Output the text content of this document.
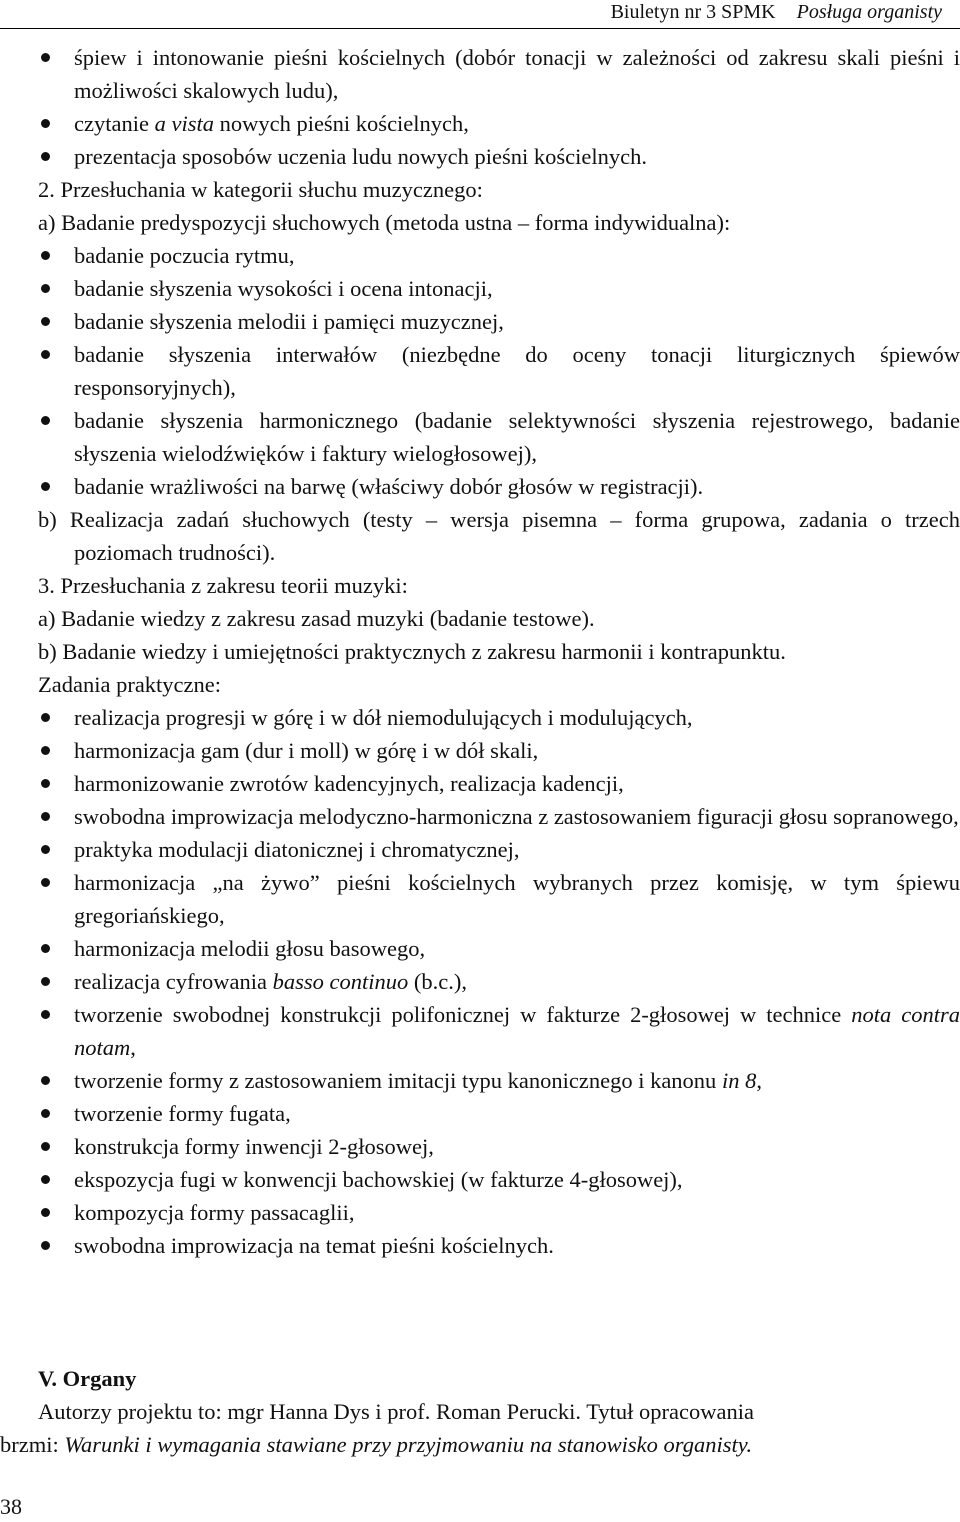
Biuletyn nr 3 SPMK Posługa organisty
śpiew i intonowanie pieśni kościelnych (dobór tonacji w zależności od zakresu skali pieśni i możliwości skalowych ludu),
czytanie a vista nowych pieśni kościelnych,
prezentacja sposobów uczenia ludu nowych pieśni kościelnych.
2. Przesłuchania w kategorii słuchu muzycznego:
a) Badanie predyspozycji słuchowych (metoda ustna – forma indywidualna):
badanie poczucia rytmu,
badanie słyszenia wysokości i ocena intonacji,
badanie słyszenia melodii i pamięci muzycznej,
badanie słyszenia interwałów (niezbędne do oceny tonacji liturgicznych śpiewów responsoryjnych),
badanie słyszenia harmonicznego (badanie selektywności słyszenia rejestrowego, badanie słyszenia wielodźwięków i faktury wielogłosowej),
badanie wrażliwości na barwę (właściwy dobór głosów w registracji).
b) Realizacja zadań słuchowych (testy – wersja pisemna – forma grupowa, zadania o trzech poziomach trudności).
3. Przesłuchania z zakresu teorii muzyki:
a) Badanie wiedzy z zakresu zasad muzyki (badanie testowe).
b) Badanie wiedzy i umiejętności praktycznych z zakresu harmonii i kontrapunktu.
Zadania praktyczne:
realizacja progresji w górę i w dół niemodulujących i modulujących,
harmonizacja gam (dur i moll) w górę i w dół skali,
harmonizowanie zwrotów kadencyjnych, realizacja kadencji,
swobodna improwizacja melodyczno-harmoniczna z zastosowaniem figuracji głosu sopranowego,
praktyka modulacji diatonicznej i chromatycznej,
harmonizacja „na żywo” pieśni kościelnych wybranych przez komisję, w tym śpiewu gregoriańskiego,
harmonizacja melodii głosu basowego,
realizacja cyfrowania basso continuo (b.c.),
tworzenie swobodnej konstrukcji polifonicznej w fakturze 2-głosowej w technice nota contra notam,
tworzenie formy z zastosowaniem imitacji typu kanonicznego i kanonu in 8,
tworzenie formy fugata,
konstrukcja formy inwencji 2-głosowej,
ekspozycja fugi w konwencji bachowskiej (w fakturze 4-głosowej),
kompozycja formy passacaglii,
swobodna improwizacja na temat pieśni kościelnych.
V. Organy
Autorzy projektu to: mgr Hanna Dys i prof. Roman Perucki. Tytuł opracowania
brzmi: Warunki i wymagania stawiane przy przyjmowaniu na stanowisko organisty.
38
